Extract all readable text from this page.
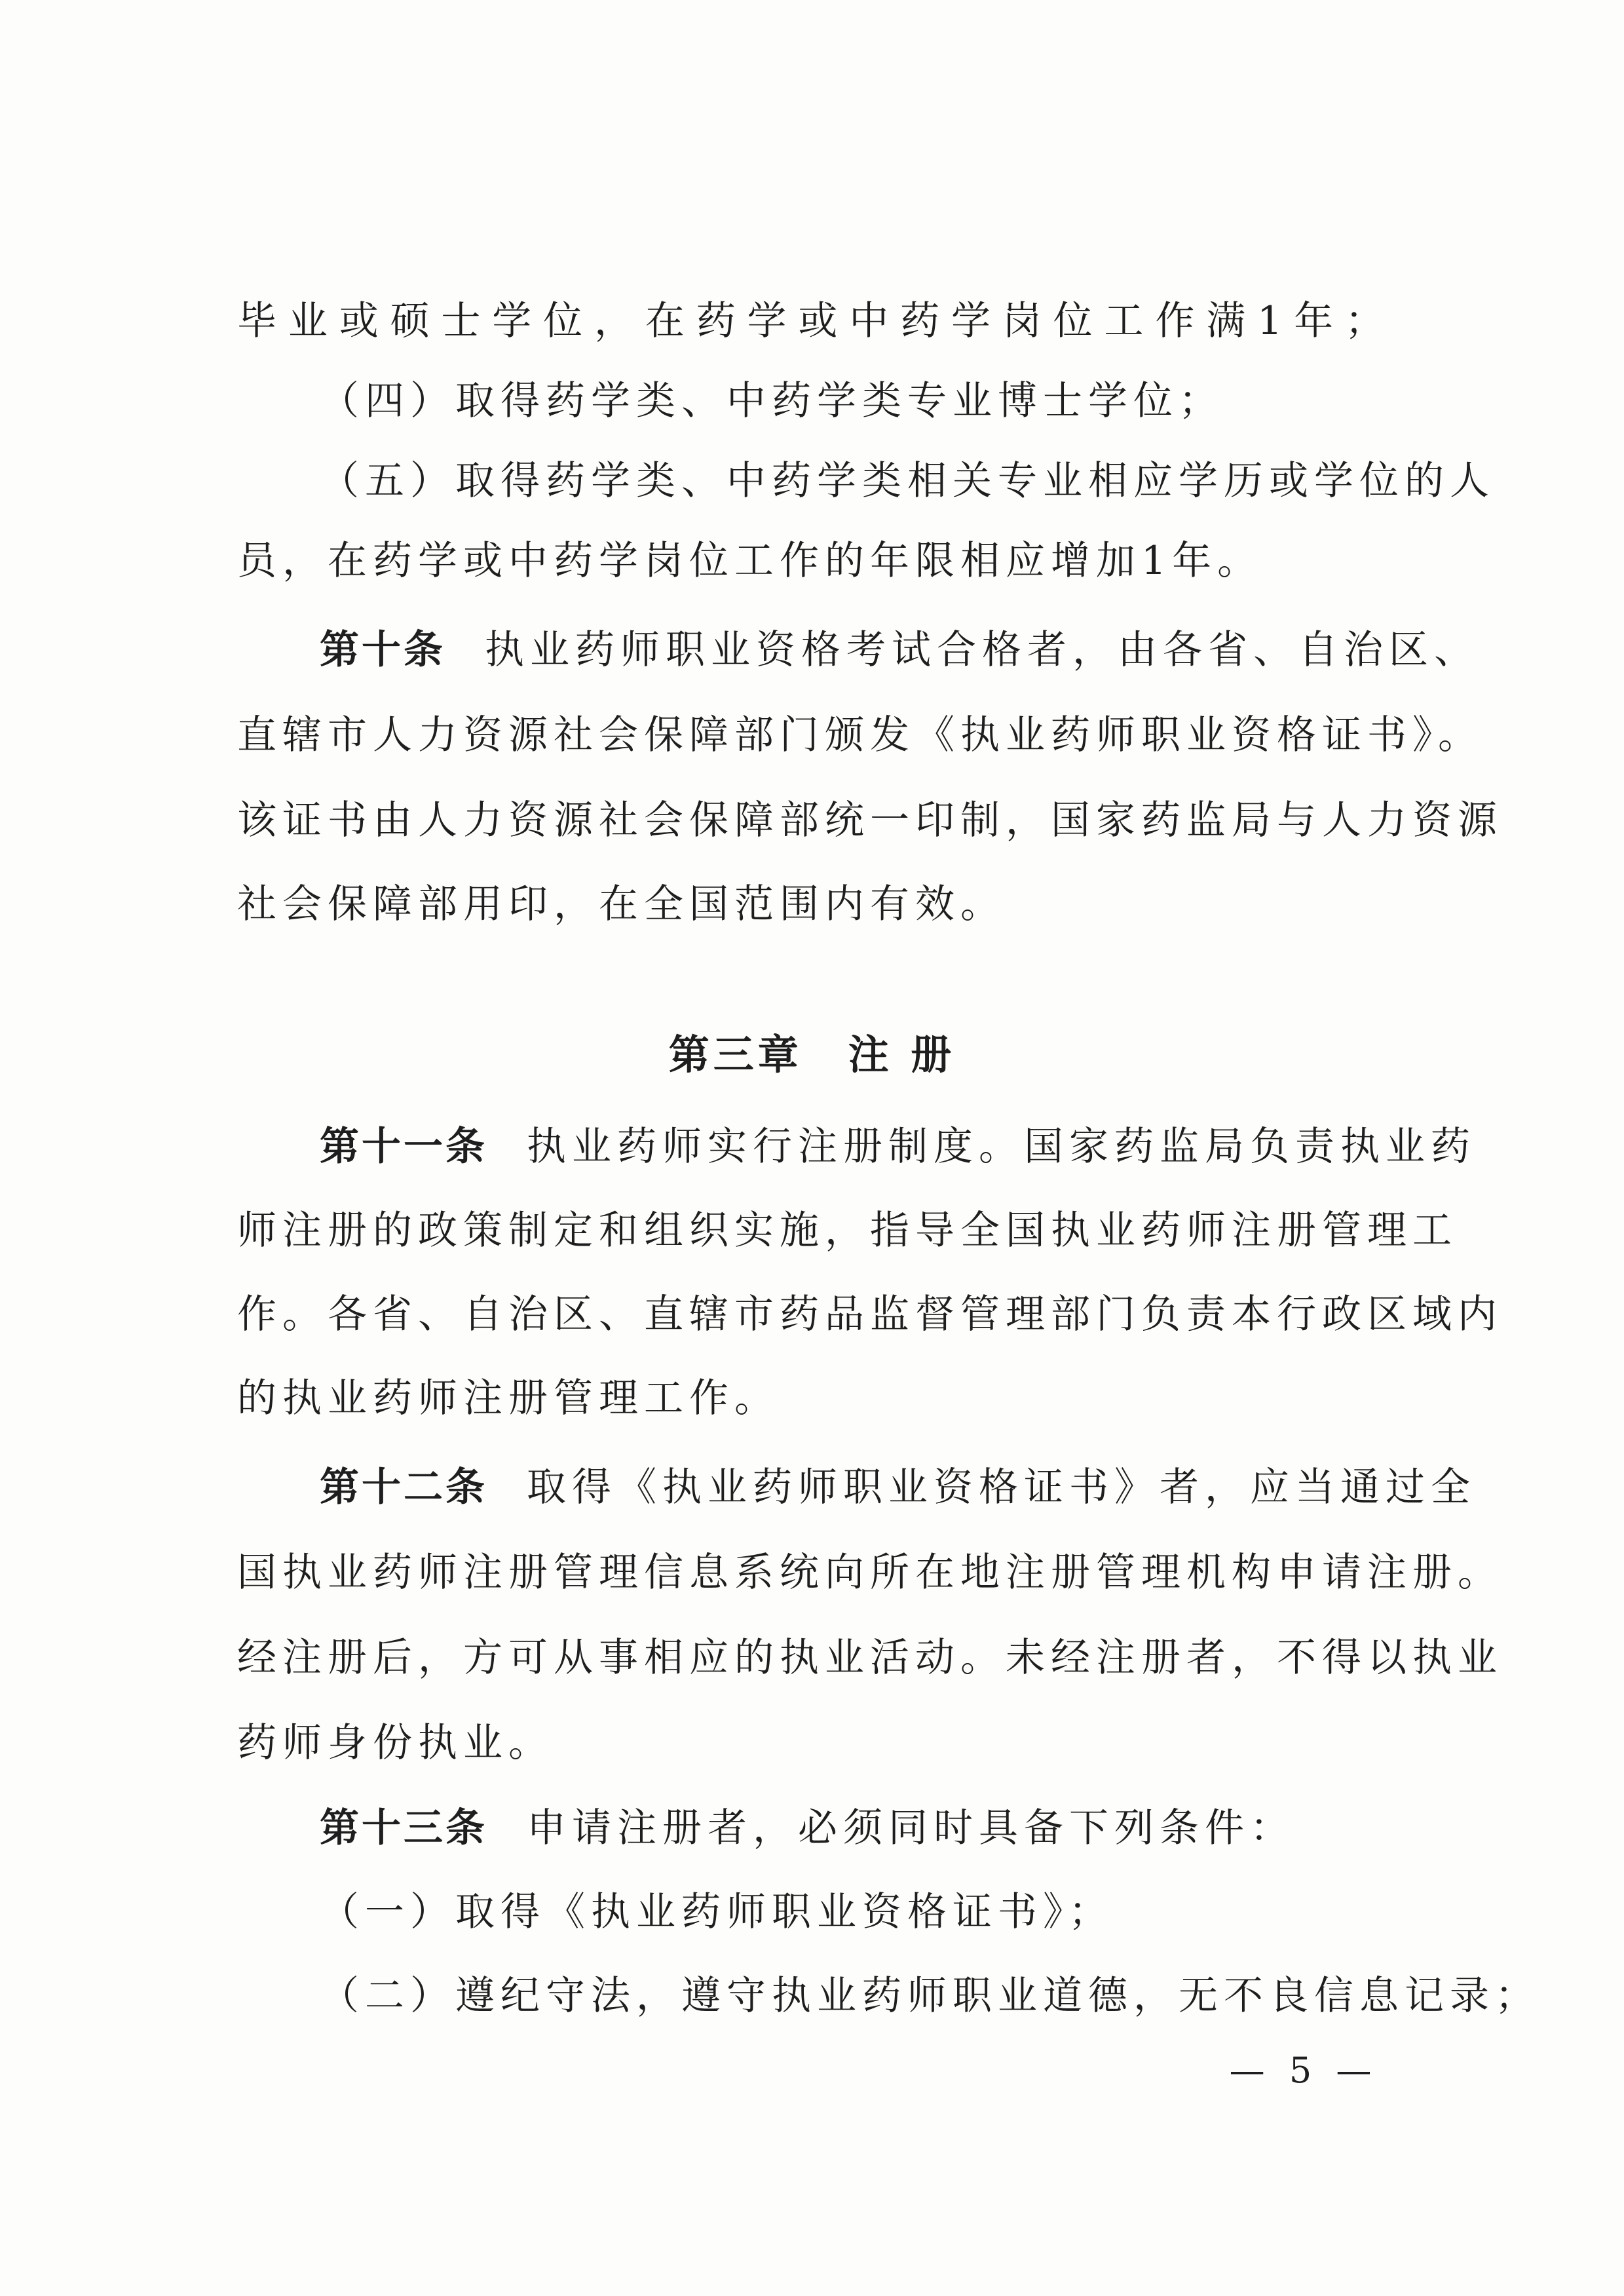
毕业或硕士学位，在药学或中药学岗位工作满1年；
（四）取得药学类、中药学类专业博士学位；
（五）取得药学类、中药学类相关专业相应学历或学位的人
员，在药学或中药学岗位工作的年限相应增加1年。
第十条 执业药师职业资格考试合格者，由各省、自治区、
直辖市人力资源社会保障部门颁发《执业药师职业资格证书》。
该证书由人力资源社会保障部统一印制，国家药监局与人力资源
社会保障部用印，在全国范围内有效。
第三章 注 册
第十一条 执业药师实行注册制度。国家药监局负责执业药
师注册的政策制定和组织实施，指导全国执业药师注册管理工
作。各省、自治区、直辖市药品监督管理部门负责本行政区域内
的执业药师注册管理工作。
第十二条 取得《执业药师职业资格证书》者，应当通过全
国执业药师注册管理信息系统向所在地注册管理机构申请注册。
经注册后，方可从事相应的执业活动。未经注册者，不得以执业
药师身份执业。
第十三条 申请注册者，必须同时具备下列条件：
（一）取得《执业药师职业资格证书》；
（二）遵纪守法，遵守执业药师职业道德，无不良信息记录；
— 5 —
